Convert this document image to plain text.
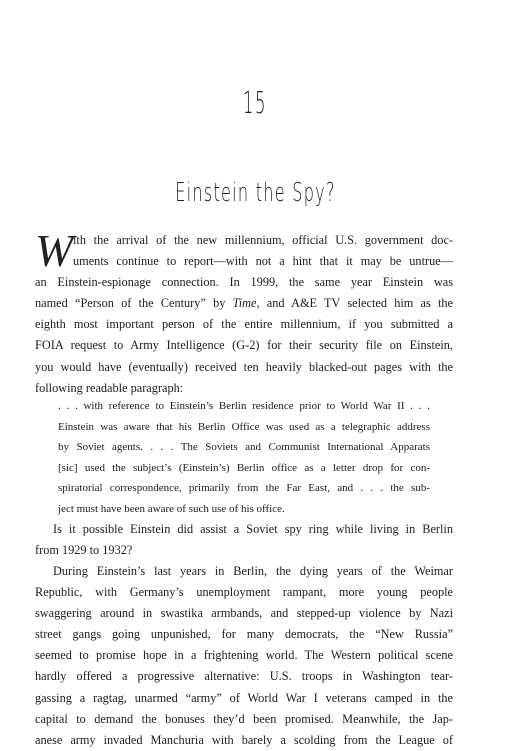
15
Einstein the Spy?
W ith the arrival of the new millennium, official U.S. government doc-
uments continue to report—with not a hint that it may be untrue—
an Einstein-espionage connection. In 1999, the same year Einstein was
named “Person of the Century” by Time, and A&E TV selected him as the
eighth most important person of the entire millennium, if you submitted a
FOIA request to Army Intelligence (G-2) for their security file on Einstein,
you would have (eventually) received ten heavily blacked-out pages with the
following readable paragraph:
. . . with reference to Einstein’s Berlin residence prior to World War II . . .
Einstein was aware that his Berlin Office was used as a telegraphic address
by Soviet agents. . . . The Soviets and Communist International Apparats
[sic] used the subject’s (Einstein’s) Berlin office as a letter drop for con-
spiratorial correspondence, primarily from the Far East, and . . . the sub-
ject must have been aware of such use of his office.
Is it possible Einstein did assist a Soviet spy ring while living in Berlin
from 1929 to 1932?
During Einstein’s last years in Berlin, the dying years of the Weimar
Republic, with Germany’s unemployment rampant, more young people
swaggering around in swastika armbands, and stepped-up violence by Nazi
street gangs going unpunished, for many democrats, the “New Russia”
seemed to promise hope in a frightening world. The Western political scene
hardly offered a progressive alternative: U.S. troops in Washington tear-
gassing a ragtag, unarmed “army” of World War I veterans camped in the
capital to demand the bonuses they’d been promised. Meanwhile, the Jap-
anese army invaded Manchuria with barely a scolding from the League of
